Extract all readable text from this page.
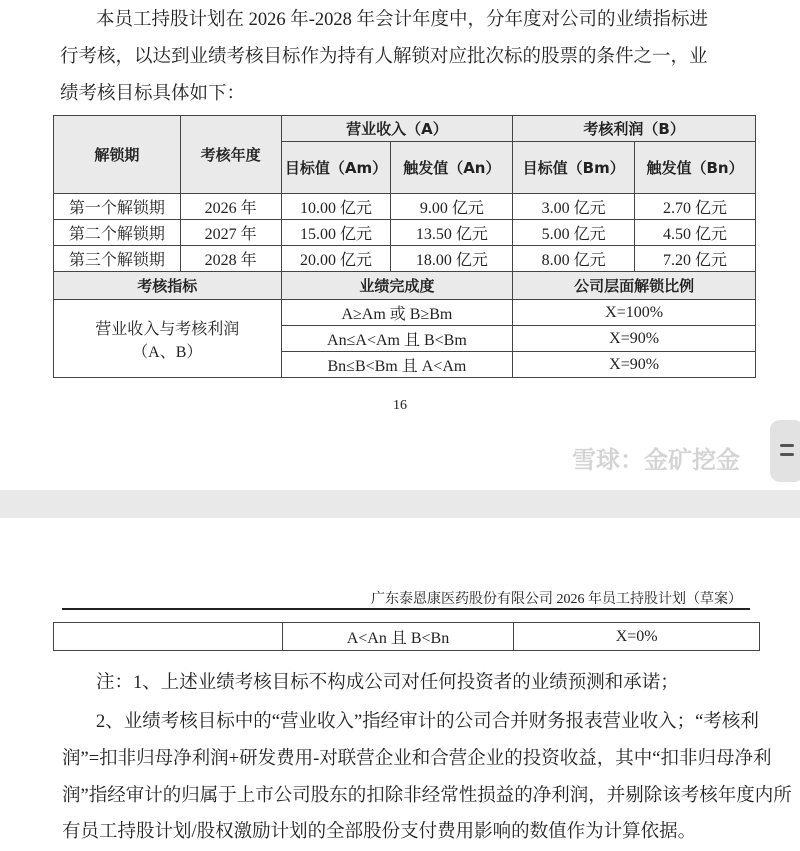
本员工持股计划在 2026 年-2028 年会计年度中，分年度对公司的业绩指标进
行考核，以达到业绩考核目标作为持有人解锁对应批次标的股票的条件之一，业
绩考核目标具体如下：
解锁期	考核年度	营业收入（A）		考核利润（B）	
		目标值（Am）	触发值（An）	目标值（Bm）	触发值（Bn）
第一个解锁期	2026 年	10.00 亿元	9.00 亿元	3.00 亿元	2.70 亿元
第二个解锁期	2027 年	15.00 亿元	13.50 亿元	5.00 亿元	4.50 亿元
第三个解锁期	2028 年	20.00 亿元	18.00 亿元	8.00 亿元	7.20 亿元
考核指标		业绩完成度		公司层面解锁比例	

营业收入与考核利润
（A、B）		A≥Am 或 B≥Bm		X=100%	
		An≤A<Am 且 B<Bm		X=90%	
		Bn≤B<Bm 且 A<Am		X=90%	
16
雪球：金矿挖金
广东泰恩康医药股份有限公司 2026 年员工持股计划（草案）
	A<An 且 B<Bn	X=0%
注：1、上述业绩考核目标不构成公司对任何投资者的业绩预测和承诺；
2、业绩考核目标中的“营业收入”指经审计的公司合并财务报表营业收入；“考核利
润”=扣非归母净利润+研发费用-对联营企业和合营企业的投资收益，其中“扣非归母净利
润”指经审计的归属于上市公司股东的扣除非经常性损益的净利润，并剔除该考核年度内所
有员工持股计划/股权激励计划的全部股份支付费用影响的数值作为计算依据。
